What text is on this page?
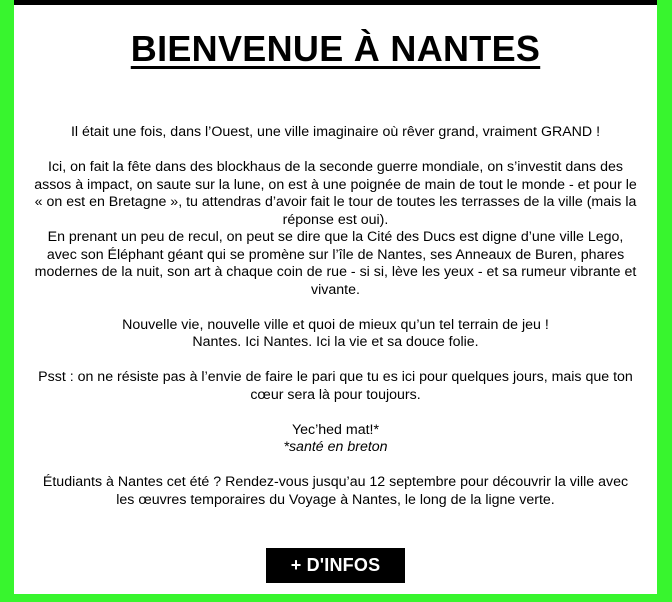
BIENVENUE À NANTES

Il était une fois, dans l’Ouest, une ville imaginaire où rêver grand, vraiment GRAND !

Ici, on fait la fête dans des blockhaus de la seconde guerre mondiale, on s’investit dans des assos à impact, on saute sur la lune, on est à une poignée de main de tout le monde - et pour le « on est en Bretagne », tu attendras d’avoir fait le tour de toutes les terrasses de la ville (mais la réponse est oui).

En prenant un peu de recul, on peut se dire que la Cité des Ducs est digne d’une ville Lego, avec son Éléphant géant qui se promène sur l’île de Nantes, ses Anneaux de Buren, phares modernes de la nuit, son art à chaque coin de rue - si si, lève les yeux - et sa rumeur vibrante et vivante.

Nouvelle vie, nouvelle ville et quoi de mieux qu’un tel terrain de jeu !
Nantes. Ici Nantes. Ici la vie et sa douce folie.

Psst : on ne résiste pas à l’envie de faire le pari que tu es ici pour quelques jours, mais que ton cœur sera là pour toujours.

Yec’hed mat!*
*santé en breton

Étudiants à Nantes cet été ? Rendez-vous jusqu’au 12 septembre pour découvrir la ville avec les œuvres temporaires du Voyage à Nantes, le long de la ligne verte.

+ D'INFOS
